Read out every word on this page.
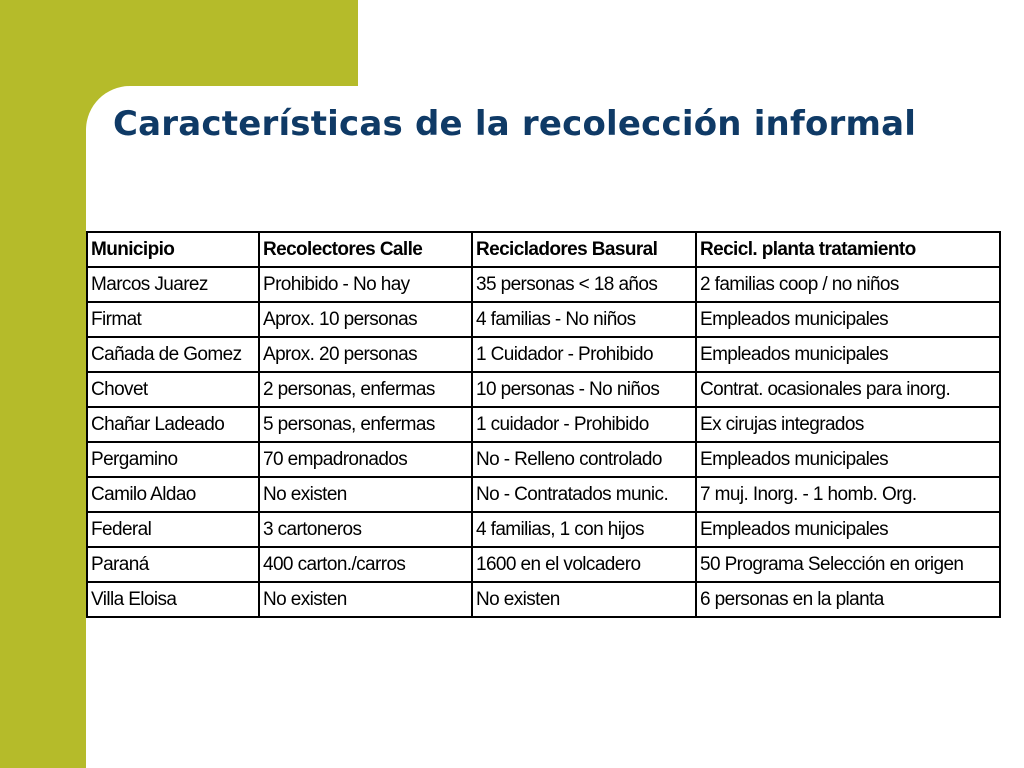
Características de la recolección informal
Municipio	Recolectores Calle	Recicladores Basural	Recicl. planta tratamiento
Marcos Juarez	Prohibido - No hay	35 personas < 18 años	2 familias coop / no niños
Firmat	Aprox. 10 personas	4 familias - No niños	Empleados municipales
Cañada de Gomez	Aprox. 20 personas	1 Cuidador - Prohibido	Empleados municipales
Chovet	2 personas, enfermas	10 personas - No niños	Contrat. ocasionales para inorg.
Chañar Ladeado	5 personas, enfermas	1 cuidador - Prohibido	Ex cirujas integrados
Pergamino	70 empadronados	No - Relleno controlado	Empleados municipales
Camilo Aldao	No existen	No - Contratados munic.	7 muj. Inorg. - 1 homb. Org.
Federal	3 cartoneros	4 familias, 1 con hijos	Empleados municipales
Paraná	400 carton./carros	1600 en el volcadero	50 Programa Selección en origen
Villa Eloisa	No existen	No existen	6 personas en la planta
